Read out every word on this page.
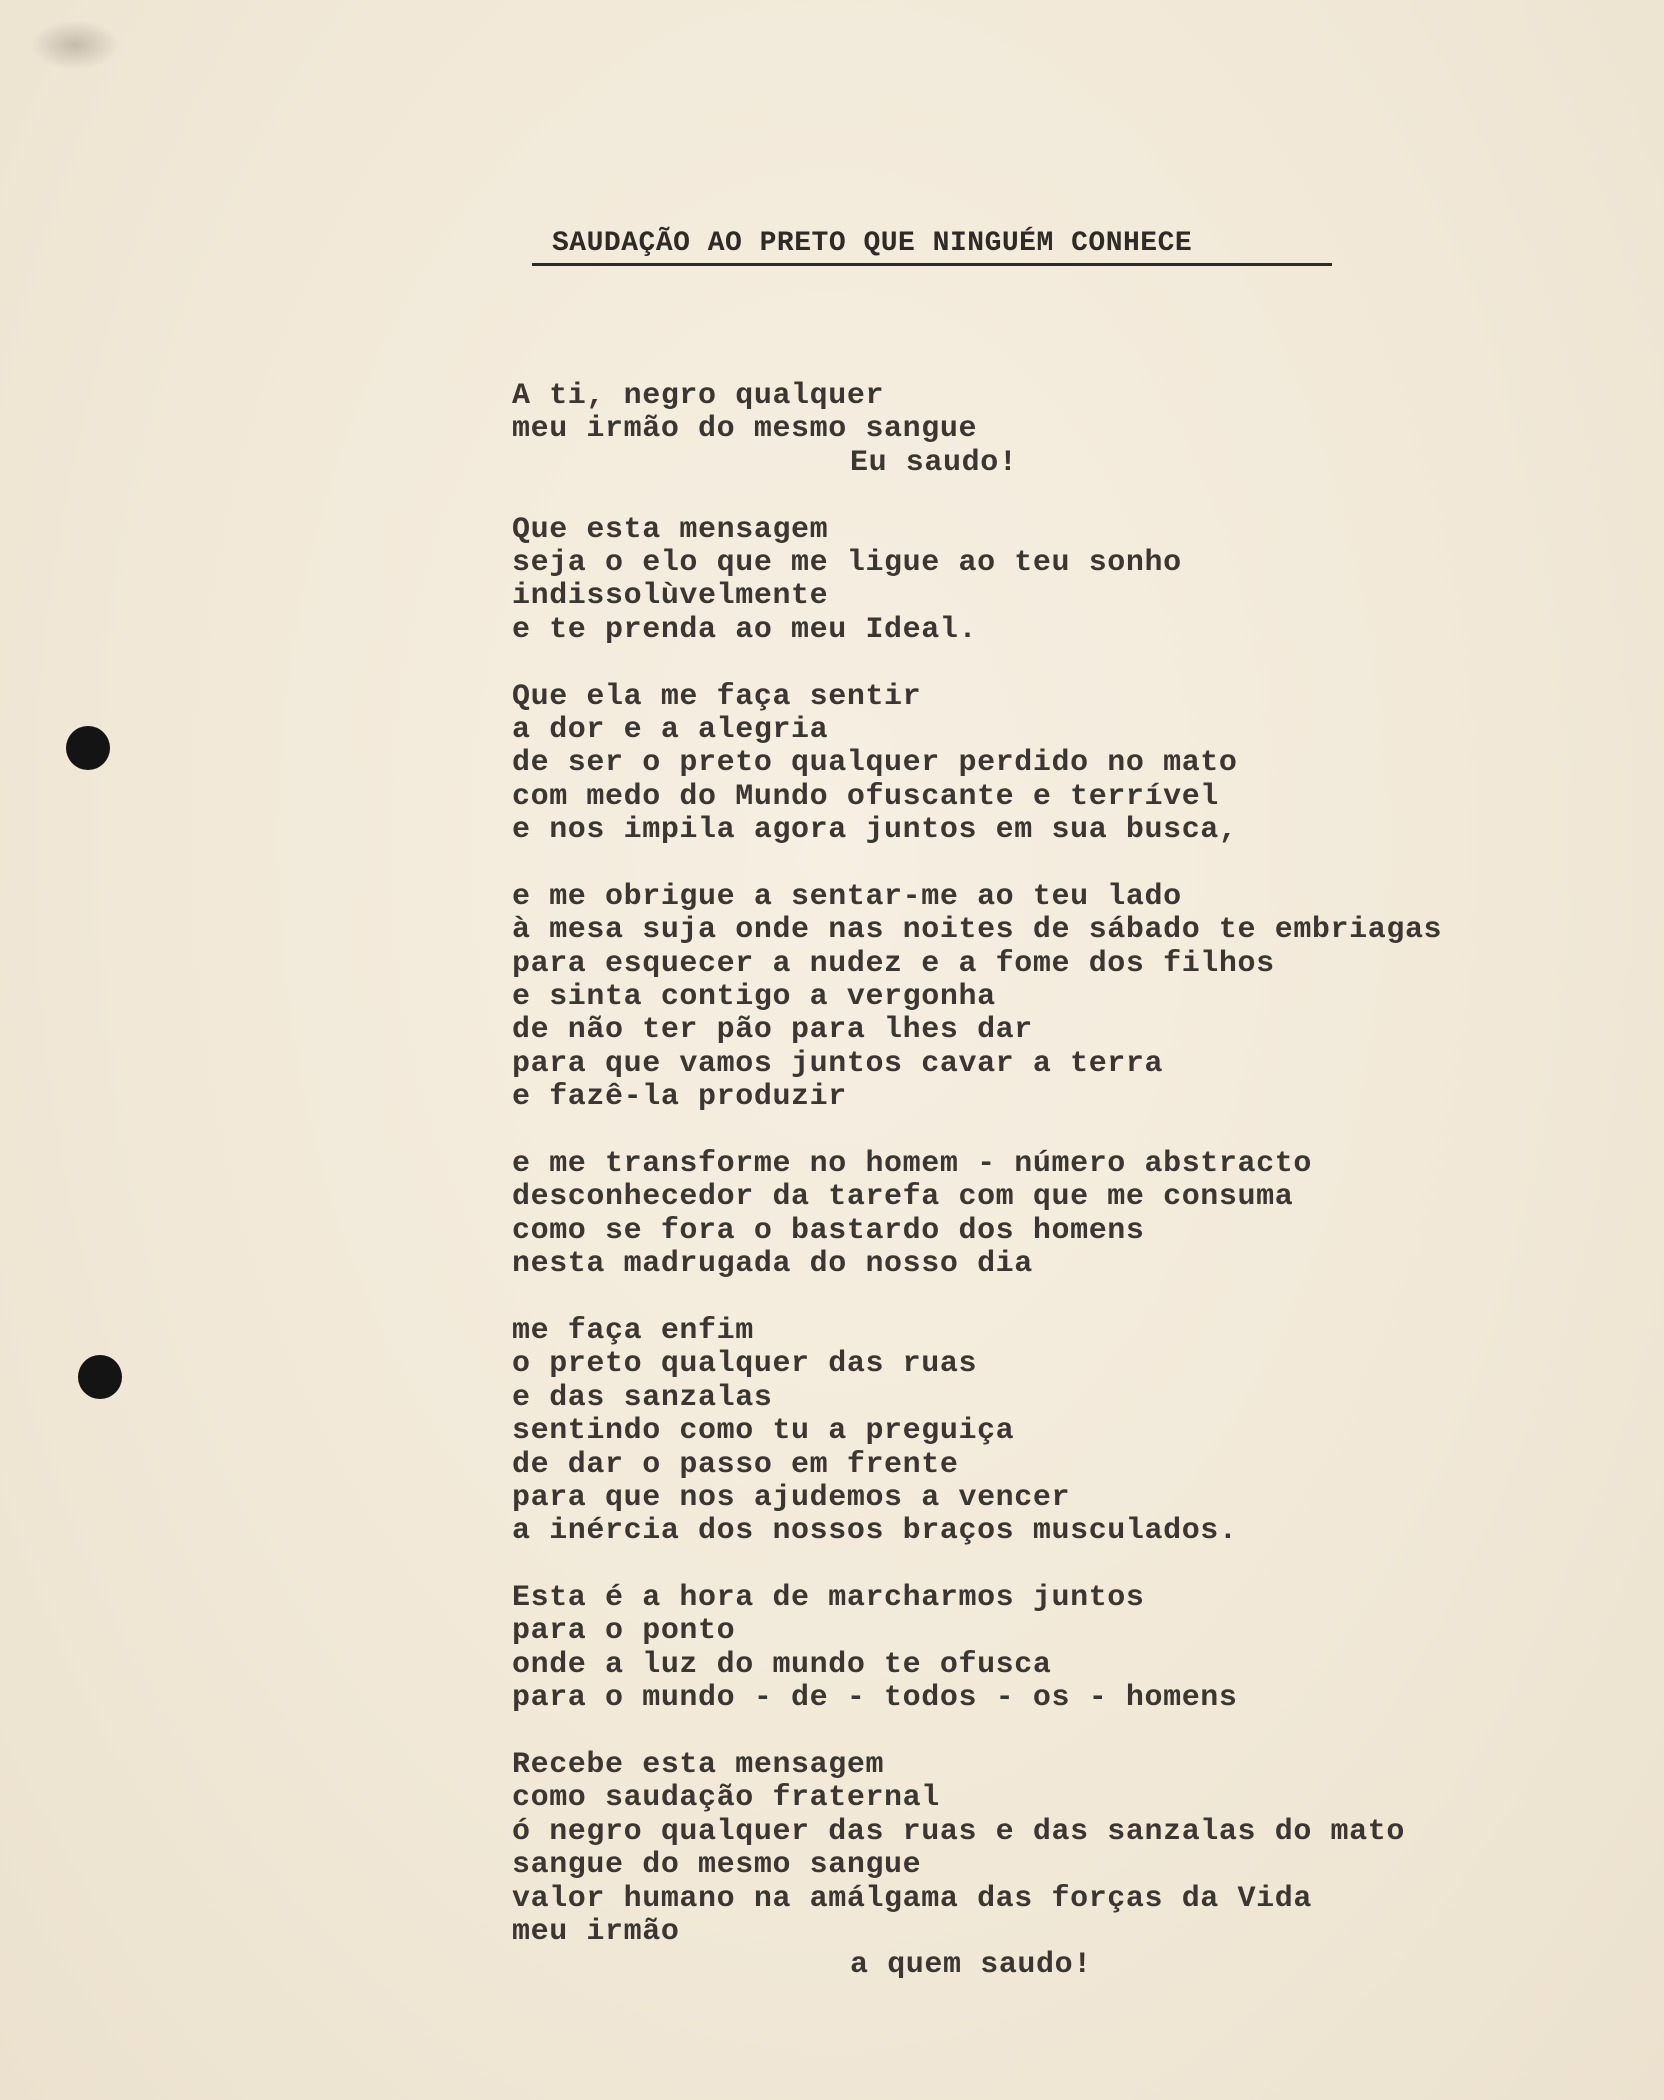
SAUDAÇÃO AO PRETO QUE NINGUÉM CONHECE
A ti, negro qualquer
meu irmão do mesmo sangue
Eu saudo!
Que esta mensagem
seja o elo que me ligue ao teu sonho
indissolùvelmente
e te prenda ao meu Ideal.
Que ela me faça sentir
a dor e a alegria
de ser o preto qualquer perdido no mato
com medo do Mundo ofuscante e terrível
e nos impila agora juntos em sua busca,
e me obrigue a sentar-me ao teu lado
à mesa suja onde nas noites de sábado te embriagas
para esquecer a nudez e a fome dos filhos
e sinta contigo a vergonha
de não ter pão para lhes dar
para que vamos juntos cavar a terra
e fazê-la produzir
e me transforme no homem - número abstracto
desconhecedor da tarefa com que me consuma
como se fora o bastardo dos homens
nesta madrugada do nosso dia
me faça enfim
o preto qualquer das ruas
e das sanzalas
sentindo como tu a preguiça
de dar o passo em frente
para que nos ajudemos a vencer
a inércia dos nossos braços musculados.
Esta é a hora de marcharmos juntos
para o ponto
onde a luz do mundo te ofusca
para o mundo - de - todos - os - homens
Recebe esta mensagem
como saudação fraternal
ó negro qualquer das ruas e das sanzalas do mato
sangue do mesmo sangue
valor humano na amálgama das forças da Vida
meu irmão
a quem saudo!
